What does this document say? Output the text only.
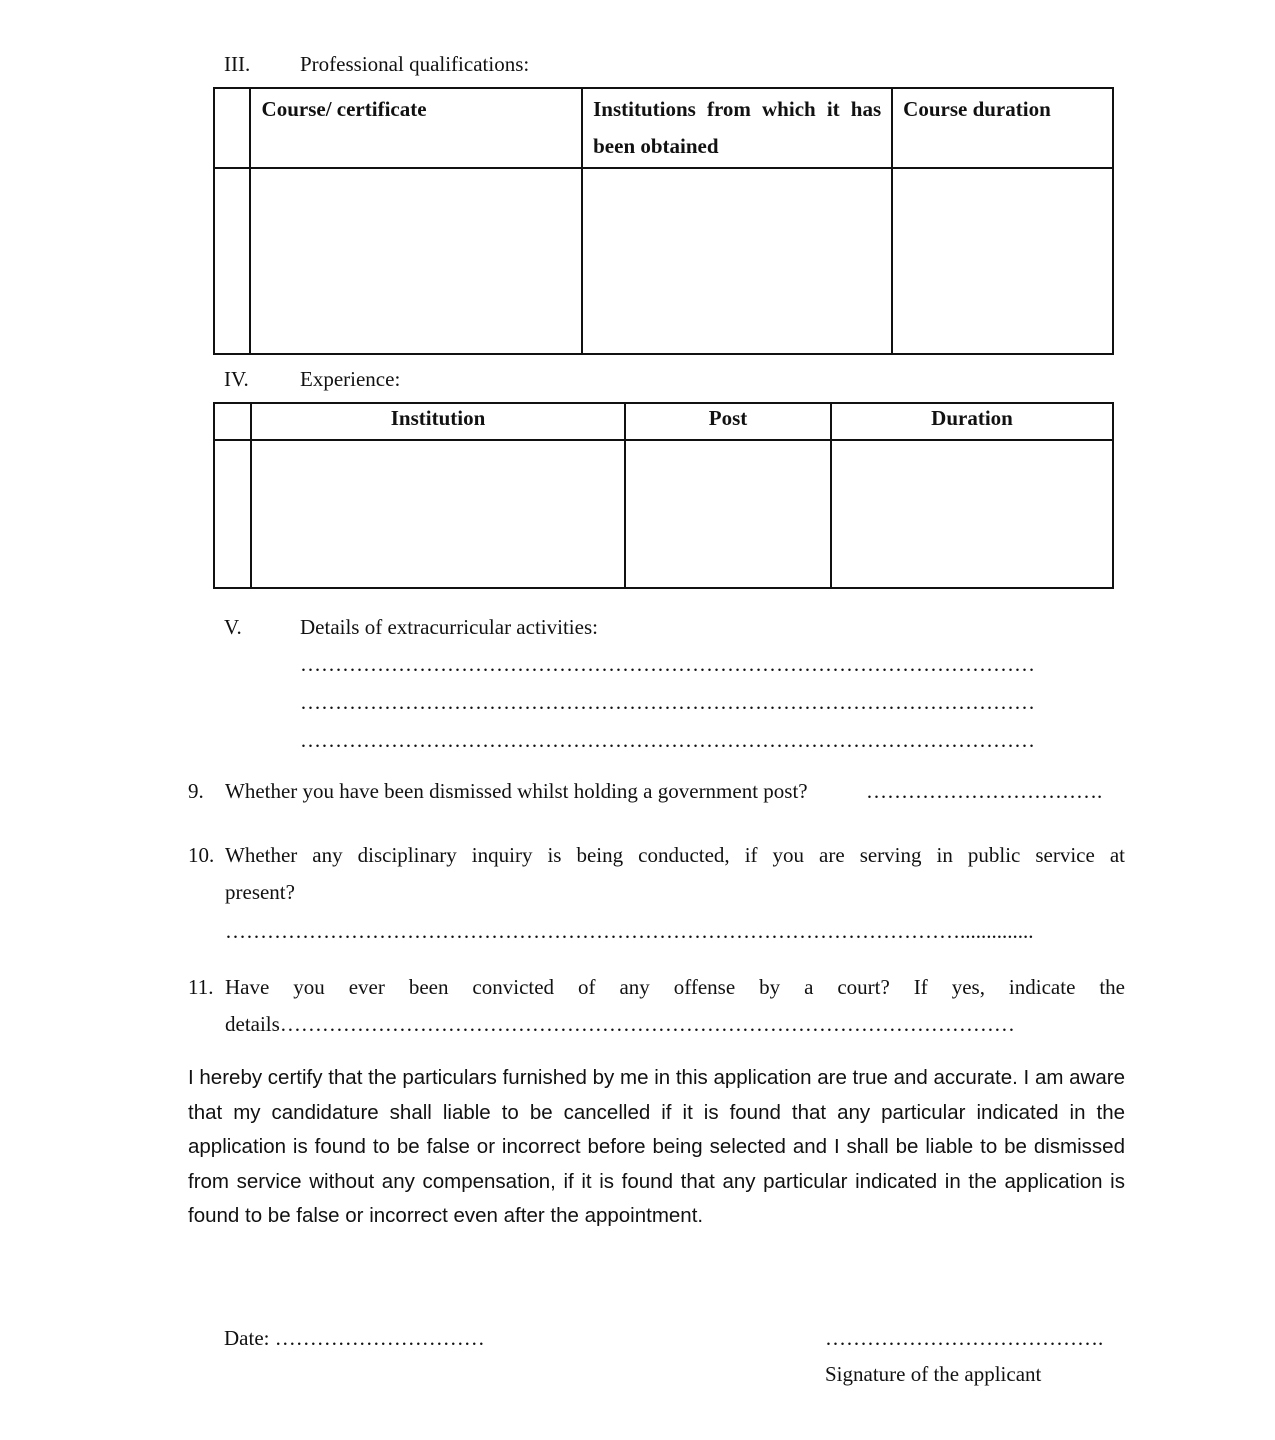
III. Professional qualifications:
	Course/ certificate	Institutions from which it has been obtained	Course duration

IV. Experience:
	Institution	Post	Duration

V.	Details of extracurricular activities:
……………………………………………………………………………………………
……………………………………………………………………………………………
……………………………………………………………………………………………
9. Whether you have been dismissed whilst holding a government post?	…………………………….
10. Whether any disciplinary inquiry is being conducted, if you are serving in public service at
present?
……………………………………………………………………………………………..............
11. Have you ever been convicted of any offense by a court? If yes, indicate the
details……………………………………………………………………………………………
I hereby certify that the particulars furnished by me in this application are true and accurate. I am aware that my candidature shall liable to be cancelled if it is found that any particular indicated in the application is found to be false or incorrect before being selected and I shall be liable to be dismissed from service without any compensation, if it is found that any particular indicated in the application is found to be false or incorrect even after the appointment.
Date: …………………………	………………………………….
Signature of the applicant
